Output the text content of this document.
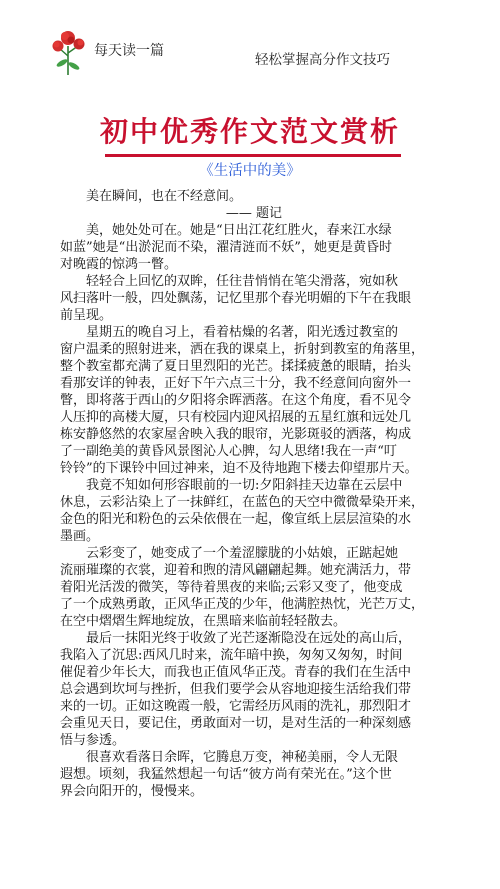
每天读一篇
轻松掌握高分作文技巧
初中优秀作文范文赏析
《生活中的美》

美在瞬间，也在不经意间。

—— 题记

美，她处处可在。她是“日出江花红胜火，春来江水绿

如蓝”她是“出淤泥而不染，濯清涟而不妖”，她更是黄昏时

对晚霞的惊鸿一瞥。

轻轻合上回忆的双眸，任往昔悄悄在笔尖滑落，宛如秋

风扫落叶一般，四处飘荡，记忆里那个春光明媚的下午在我眼

前呈现。

星期五的晚自习上，看着枯燥的名著，阳光透过教室的

窗户温柔的照射进来，洒在我的课桌上，折射到教室的角落里，

整个教室都充满了夏日里烈阳的光芒。揉揉疲惫的眼睛，抬头

看那安详的钟表，正好下午六点三十分，我不经意间向窗外一

瞥，即将落于西山的夕阳将余晖洒落。在这个角度，看不见令

人压抑的高楼大厦，只有校园内迎风招展的五星红旗和远处几

栋安静悠然的农家屋舍映入我的眼帘，光影斑驳的洒落，构成

了一副绝美的黄昏风景图沁人心脾，勾人思绪!我在一声“叮

铃铃”的下课铃中回过神来，迫不及待地跑下楼去仰望那片天。

我竟不知如何形容眼前的一切:夕阳斜挂天边靠在云层中

休息，云彩沾染上了一抹鲜红，在蓝色的天空中微微晕染开来，

金色的阳光和粉色的云朵依偎在一起，像宣纸上层层渲染的水

墨画。

云彩变了，她变成了一个羞涩朦胧的小姑娘，正踮起她

流丽璀璨的衣裳，迎着和煦的清风翩翩起舞。她充满活力，带

着阳光活泼的微笑，等待着黑夜的来临;云彩又变了，他变成

了一个成熟勇敢，正风华正茂的少年，他满腔热忱，光芒万丈，

在空中熠熠生辉地绽放，在黑暗来临前轻轻散去。

最后一抹阳光终于收敛了光芒逐渐隐没在远处的高山后，

我陷入了沉思:西风几时来，流年暗中换，匆匆又匆匆，时间

催促着少年长大，而我也正值风华正茂。青春的我们在生活中

总会遇到坎坷与挫折，但我们要学会从容地迎接生活给我们带

来的一切。正如这晚霞一般，它需经历风雨的洗礼，那烈阳才

会重见天日，要记住，勇敢面对一切，是对生活的一种深刻感

悟与参透。

很喜欢看落日余晖，它腾息万变，神秘美丽，令人无限

遐想。顷刻，我猛然想起一句话“彼方尚有荣光在。”这个世

界会向阳开的，慢慢来。
